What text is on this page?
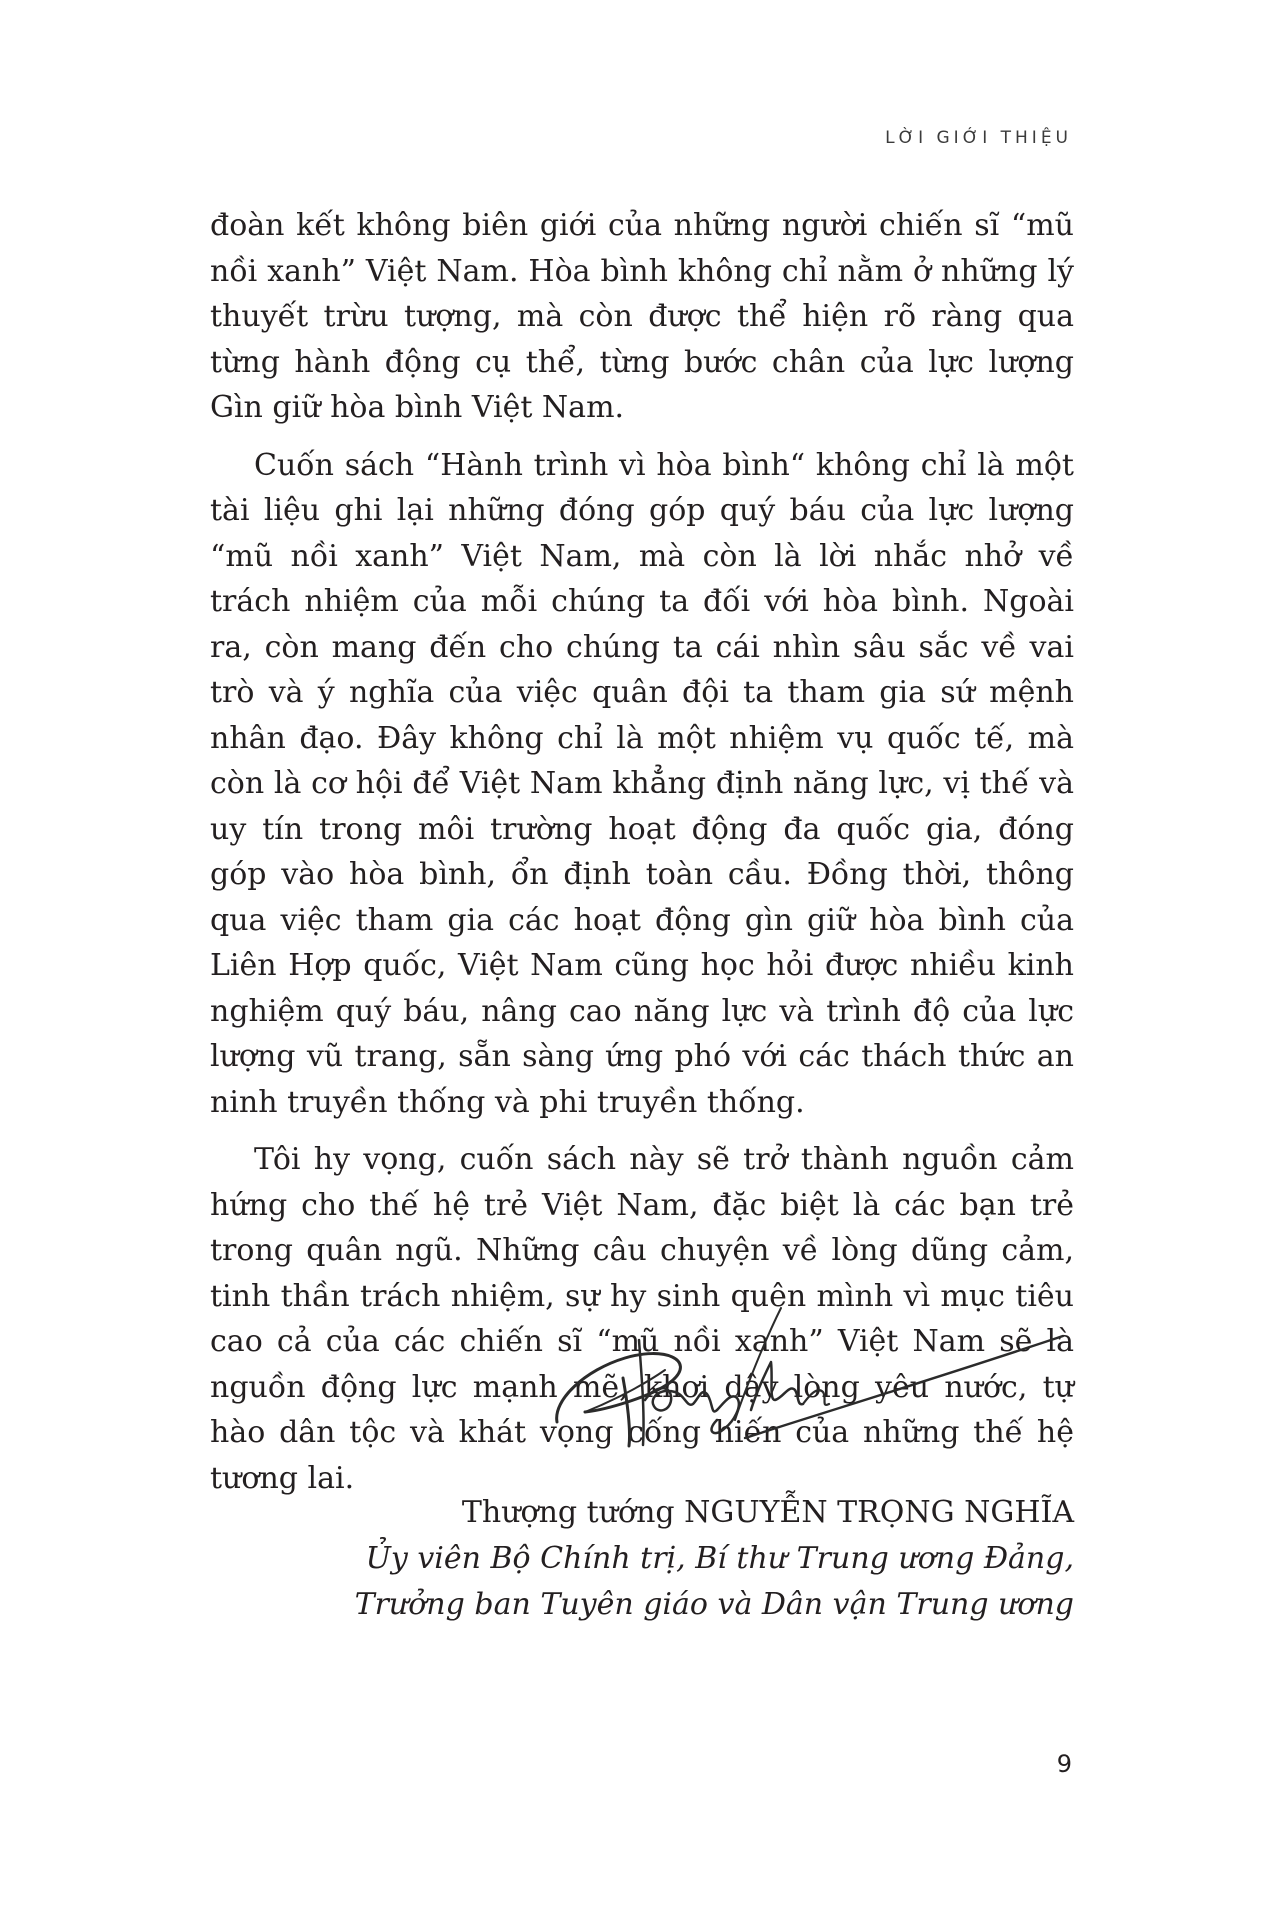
LỜI GIỚI THIỆU

đoàn kết không biên giới của những người chiến sĩ “mũ nồi xanh” Việt Nam. Hòa bình không chỉ nằm ở những lý thuyết trừu tượng, mà còn được thể hiện rõ ràng qua từng hành động cụ thể, từng bước chân của lực lượng Gìn giữ hòa bình Việt Nam.

Cuốn sách “Hành trình vì hòa bình“ không chỉ là một tài liệu ghi lại những đóng góp quý báu của lực lượng “mũ nồi xanh” Việt Nam, mà còn là lời nhắc nhở về trách nhiệm của mỗi chúng ta đối với hòa bình. Ngoài ra, còn mang đến cho chúng ta cái nhìn sâu sắc về vai trò và ý nghĩa của việc quân đội ta tham gia sứ mệnh nhân đạo. Đây không chỉ là một nhiệm vụ quốc tế, mà còn là cơ hội để Việt Nam khẳng định năng lực, vị thế và uy tín trong môi trường hoạt động đa quốc gia, đóng góp vào hòa bình, ổn định toàn cầu. Đồng thời, thông qua việc tham gia các hoạt động gìn giữ hòa bình của Liên Hợp quốc, Việt Nam cũng học hỏi được nhiều kinh nghiệm quý báu, nâng cao năng lực và trình độ của lực lượng vũ trang, sẵn sàng ứng phó với các thách thức an ninh truyền thống và phi truyền thống.

Tôi hy vọng, cuốn sách này sẽ trở thành nguồn cảm hứng cho thế hệ trẻ Việt Nam, đặc biệt là các bạn trẻ trong quân ngũ. Những câu chuyện về lòng dũng cảm, tinh thần trách nhiệm, sự hy sinh quên mình vì mục tiêu cao cả của các chiến sĩ “mũ nồi xanh” Việt Nam sẽ là nguồn động lực mạnh mẽ, khơi dậy lòng yêu nước, tự hào dân tộc và khát vọng cống hiến của những thế hệ tương lai.

Thượng tướng NGUYỄN TRỌNG NGHĨA
Ủy viên Bộ Chính trị, Bí thư Trung ương Đảng,
Trưởng ban Tuyên giáo và Dân vận Trung ương
9
